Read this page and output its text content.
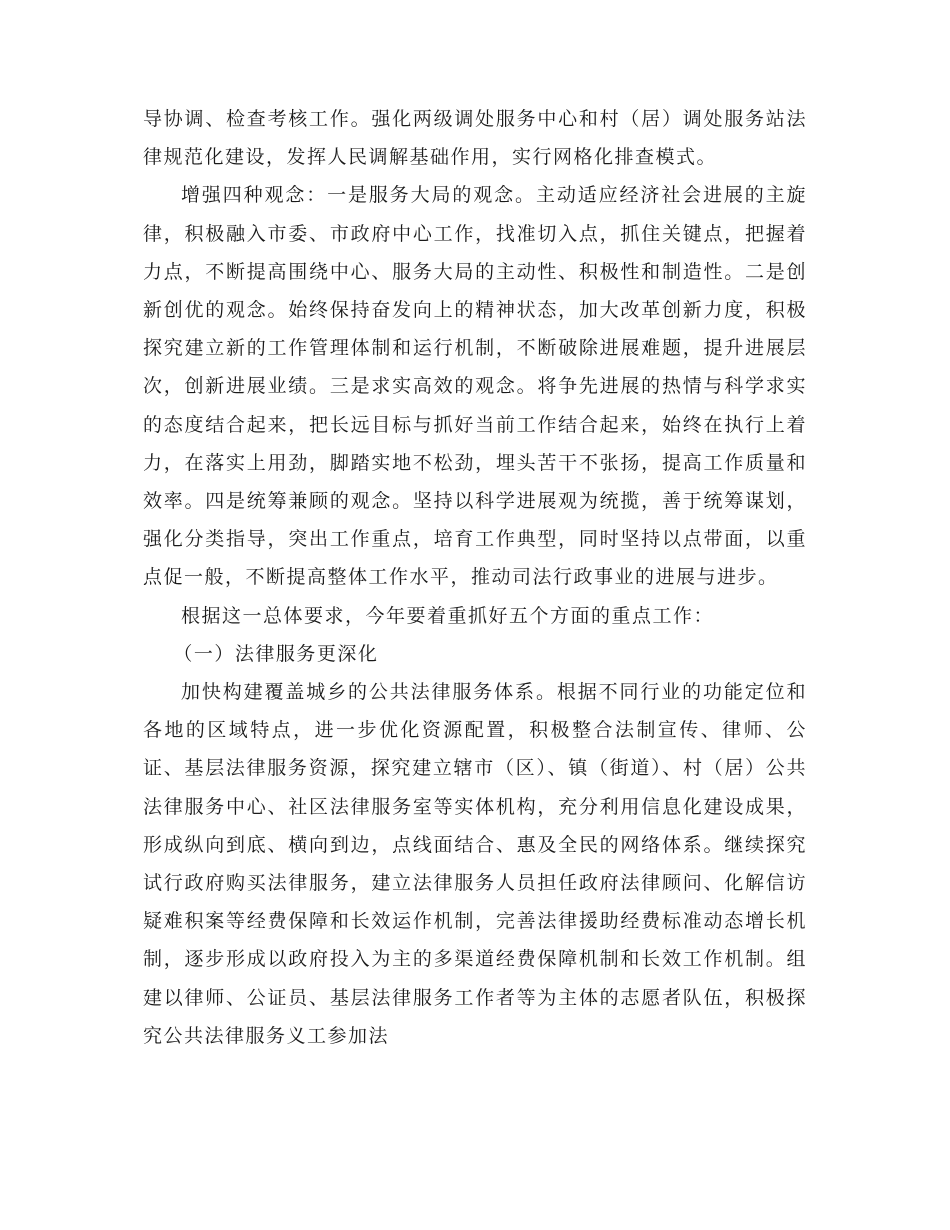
导协调、检查考核工作。强化两级调处服务中心和村（居）调处服务站法律规范化建设，发挥人民调解基础作用，实行网格化排查模式。

增强四种观念：一是服务大局的观念。主动适应经济社会进展的主旋律，积极融入市委、市政府中心工作，找准切入点，抓住关键点，把握着力点，不断提高围绕中心、服务大局的主动性、积极性和制造性。二是创新创优的观念。始终保持奋发向上的精神状态，加大改革创新力度，积极探究建立新的工作管理体制和运行机制，不断破除进展难题，提升进展层次，创新进展业绩。三是求实高效的观念。将争先进展的热情与科学求实的态度结合起来，把长远目标与抓好当前工作结合起来，始终在执行上着力，在落实上用劲，脚踏实地不松劲，埋头苦干不张扬，提高工作质量和效率。四是统筹兼顾的观念。坚持以科学进展观为统揽，善于统筹谋划，强化分类指导，突出工作重点，培育工作典型，同时坚持以点带面，以重点促一般，不断提高整体工作水平，推动司法行政事业的进展与进步。

根据这一总体要求，今年要着重抓好五个方面的重点工作：

（一）法律服务更深化

加快构建覆盖城乡的公共法律服务体系。根据不同行业的功能定位和各地的区域特点，进一步优化资源配置，积极整合法制宣传、律师、公证、基层法律服务资源，探究建立辖市（区）、镇（街道）、村（居）公共法律服务中心、社区法律服务室等实体机构，充分利用信息化建设成果，形成纵向到底、横向到边，点线面结合、惠及全民的网络体系。继续探究试行政府购买法律服务，建立法律服务人员担任政府法律顾问、化解信访疑难积案等经费保障和长效运作机制，完善法律援助经费标准动态增长机制，逐步形成以政府投入为主的多渠道经费保障机制和长效工作机制。组建以律师、公证员、基层法律服务工作者等为主体的志愿者队伍，积极探究公共法律服务义工参加法
